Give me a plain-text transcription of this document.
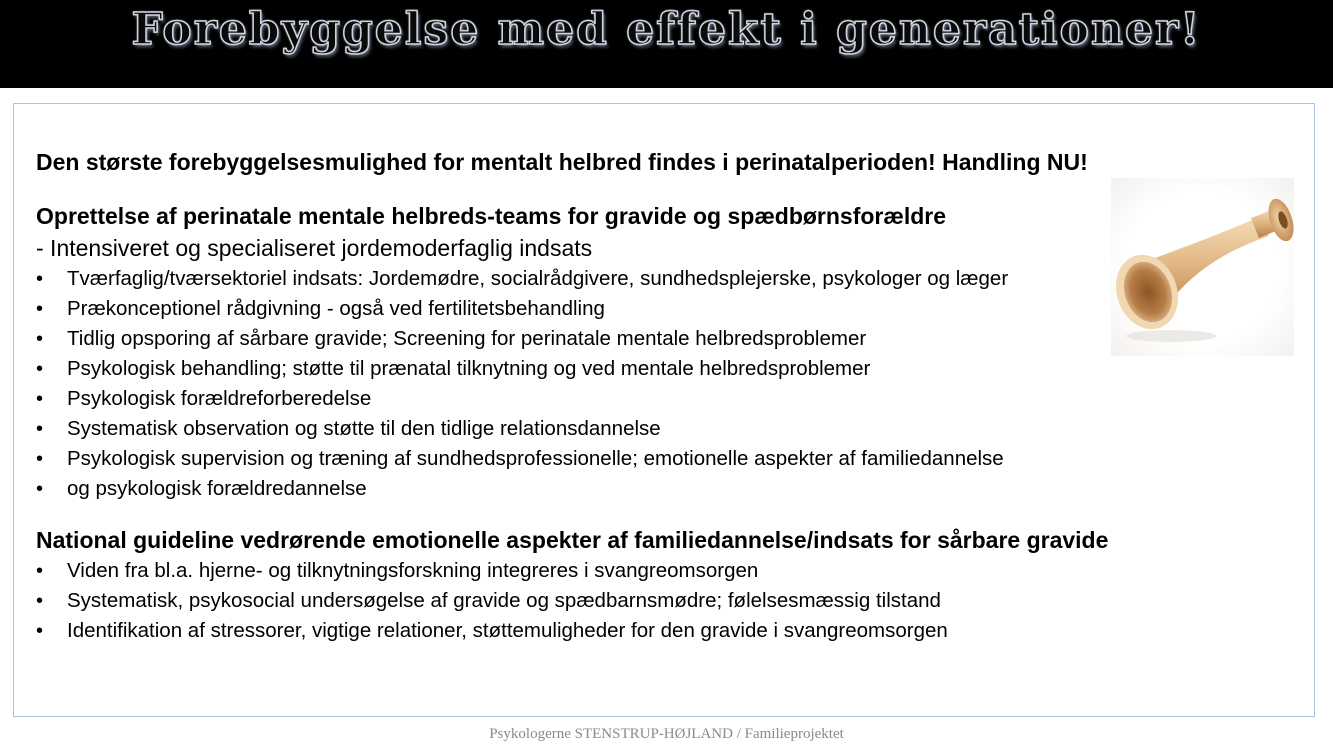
Forebyggelse med effekt i generationer!

Den største forebyggelsesmulighed for mentalt helbred findes i perinatalperioden! Handling NU!

Oprettelse af perinatale mentale helbreds-teams for gravide og spædbørnsforældre

- Intensiveret og specialiseret jordemoderfaglig indsats

•	Tværfaglig/tværsektoriel indsats: Jordemødre, socialrådgivere, sundhedsplejerske, psykologer og læger
•	Prækonceptionel rådgivning - også ved fertilitetsbehandling
•	Tidlig opsporing af sårbare gravide; Screening for perinatale mentale helbredsproblemer
•	Psykologisk behandling; støtte til prænatal tilknytning og ved mentale helbredsproblemer
•	Psykologisk forældreforberedelse
•	Systematisk observation og støtte til den tidlige relationsdannelse
•	Psykologisk supervision og træning af sundhedsprofessionelle; emotionelle aspekter af familiedannelse
•	og psykologisk forældredannelse

National guideline vedrørende emotionelle aspekter af familiedannelse/indsats for sårbare gravide

•	Viden fra bl.a. hjerne- og tilknytningsforskning integreres i svangreomsorgen
•	Systematisk, psykosocial undersøgelse af gravide og spædbarnsmødre; følelsesmæssig tilstand
•	Identifikation af stressorer, vigtige relationer, støttemuligheder for den gravide i svangreomsorgen
Psykologerne STENSTRUP-HØJLAND / Familieprojektet
